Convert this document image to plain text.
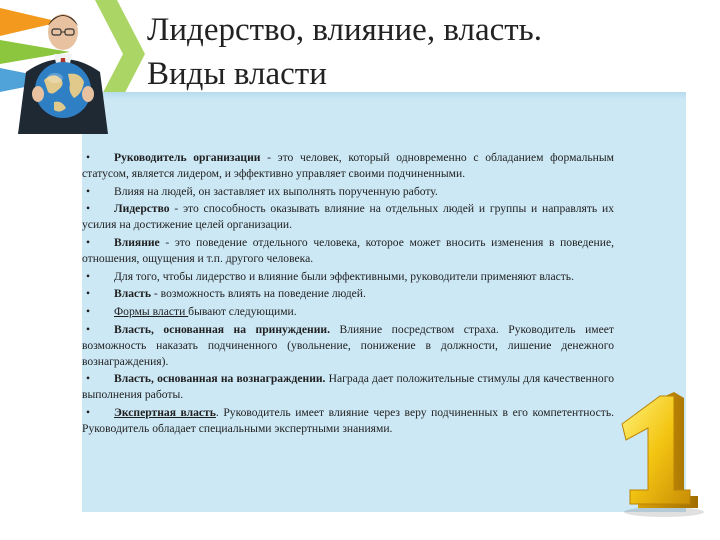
Лидерство, влияние, власть.
Виды власти

• Руководитель организации - это человек, который одновременно с обладанием формальным статусом, является лидером, и эффективно управляет своими подчиненными.

• Влияя на людей, он заставляет их выполнять порученную работу.

• Лидерство - это способность оказывать влияние на отдельных людей и группы и направлять их усилия на достижение целей организации.

• Влияние - это поведение отдельного человека, которое может вносить изменения в поведение, отношения, ощущения и т.п. другого человека.

• Для того, чтобы лидерство и влияние были эффективными, руководители применяют власть.

• Власть - возможность влиять на поведение людей.

• Формы власти бывают следующими.

• Власть, основанная на принуждении. Влияние посредством страха. Руководитель имеет возможность наказать подчиненного (увольнение, понижение в должности, лишение денежного вознаграждения).

• Власть, основанная на вознаграждении. Награда дает положительные стимулы для качественного выполнения работы.

• Экспертная власть. Руководитель имеет влияние через веру подчиненных в его компетентность. Руководитель обладает специальными экспертными знаниями.

1
